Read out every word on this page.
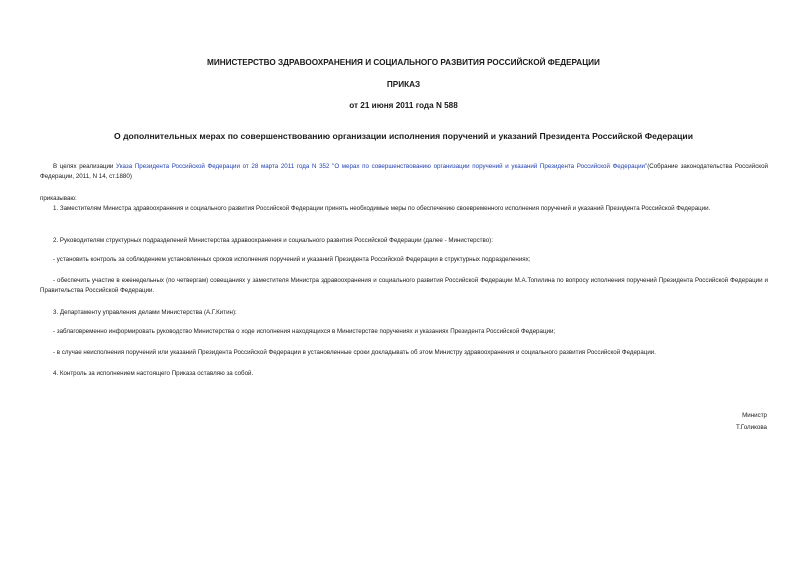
МИНИСТЕРСТВО ЗДРАВООХРАНЕНИЯ И СОЦИАЛЬНОГО РАЗВИТИЯ РОССИЙСКОЙ ФЕДЕРАЦИИ
ПРИКАЗ
от 21 июня 2011 года N 588
О дополнительных мерах по совершенствованию организации исполнения поручений и указаний Президента Российской Федерации
В целях реализации Указа Президента Российской Федерации от 28 марта 2011 года N 352 "О мерах по совершенствованию организации поручений и указаний Президента Российской Федерации"(Собрание законодательства Российской Федерации, 2011, N 14, ст.1880)
приказываю:
1. Заместителям Министра здравоохранения и социального развития Российской Федерации принять необходимые меры по обеспечению своевременного исполнения поручений и указаний Президента Российской Федерации.
2. Руководителям структурных подразделений Министерства здравоохранения и социального развития Российской Федерации (далее - Министерство):
- установить контроль за соблюдением установленных сроков исполнения поручений и указаний Президента Российской Федерации в структурных подразделениях;
- обеспечить участие в еженедельных (по четвергам) совещаниях у заместителя Министра здравоохранения и социального развития Российской Федерации М.А.Топилина по вопросу исполнения поручений Президента Российской Федерации и Правительства Российской Федерации.
3. Департаменту управления делами Министерства (А.Г.Китин):
- заблаговременно информировать руководство Министерства о ходе исполнения находящихся в Министерстве поручениях и указаниях Президента Российской Федерации;
- в случае неисполнения поручений или указаний Президента Российской Федерации в установленные сроки докладывать об этом Министру здравоохранения и социального развития Российской Федерации.
4. Контроль за исполнением настоящего Приказа оставляю за собой.
Министр
Т.Голикова
